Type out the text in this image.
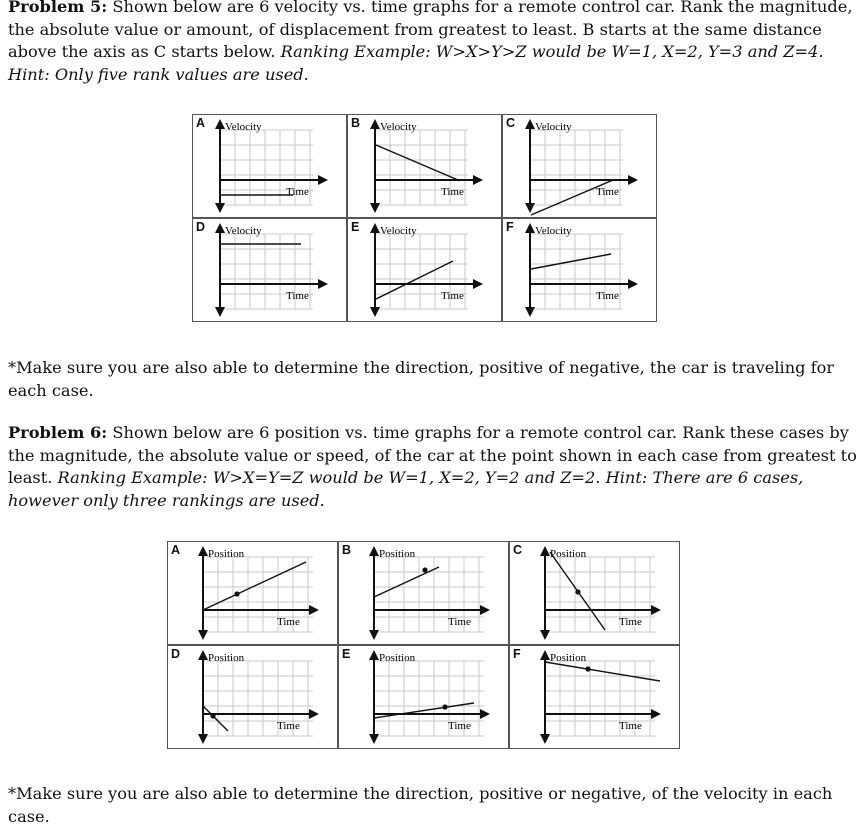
Problem 5: Shown below are 6 velocity vs. time graphs for a remote control car. Rank the magnitude, the absolute value or amount, of displacement from greatest to least. B starts at the same distance above the axis as C starts below. Ranking Example: W>X>Y>Z would be W=1, X=2, Y=3 and Z=4. Hint: Only five rank values are used.
A Velocity
Time
B Velocity
Time
C Velocity
Time
D Velocity
Time
E Velocity
Time
F Velocity
Time
*Make sure you are also able to determine the direction, positive of negative, the car is traveling for each case.
Problem 6: Shown below are 6 position vs. time graphs for a remote control car. Rank these cases by the magnitude, the absolute value or speed, of the car at the point shown in each case from greatest to least. Ranking Example: W>X=Y=Z would be W=1, X=2, Y=2 and Z=2. Hint: There are 6 cases, however only three rankings are used.
A	Position
Time
B	Position
Time
C	Position
Time
D	Position
Time
E	Position
Time
F	Position
Time
*Make sure you are also able to determine the direction, positive or negative, of the velocity in each case.
